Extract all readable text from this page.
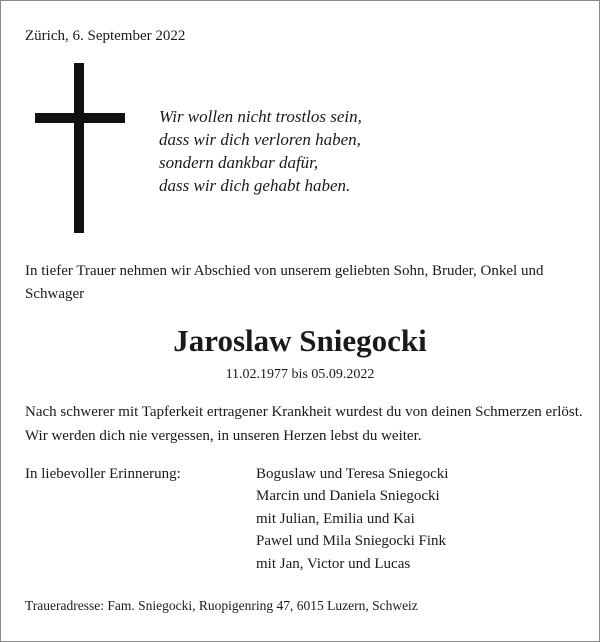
Zürich, 6. September 2022
Wir wollen nicht trostlos sein,
dass wir dich verloren haben,
sondern dankbar dafür,
dass wir dich gehabt haben.
In tiefer Trauer nehmen wir Abschied von unserem geliebten Sohn, Bruder, Onkel und Schwager
Jaroslaw Sniegocki
11.02.1977 bis 05.09.2022
Nach schwerer mit Tapferkeit ertragener Krankheit wurdest du von deinen Schmerzen erlöst. Wir werden dich nie vergessen, in unseren Herzen lebst du weiter.
In liebevoller Erinnerung:	Boguslaw und Teresa Sniegocki
Marcin und Daniela Sniegocki
mit Julian, Emilia und Kai
Pawel und Mila Sniegocki Fink
mit Jan, Victor und Lucas
Traueradresse: Fam. Sniegocki, Ruopigenring 47, 6015 Luzern, Schweiz
